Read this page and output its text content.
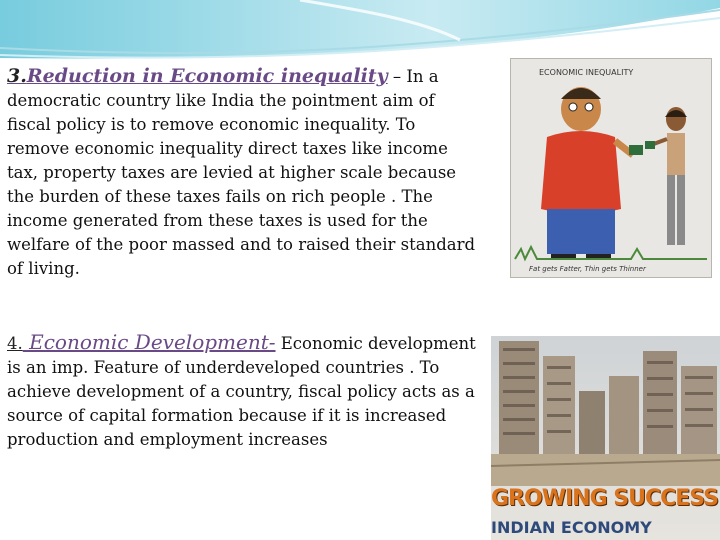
3.Reduction in Economic inequality – In a democratic country like India the pointment aim of fiscal policy is to remove economic inequality. To remove economic inequality direct taxes like income tax, property taxes are levied at higher scale because the burden of these taxes fails on rich people . The income generated from these taxes is used for the welfare of the poor massed and to raised their standard of living.
4. Economic Development- Economic development is an imp. Feature of underdeveloped countries . To achieve development of a country, fiscal policy acts as a source of capital formation because if it is increased production and employment increases
ECONOMIC INEQUALITY
Fat gets Fatter, Thin gets Thinner
GROWING SUCCESS
INDIAN ECONOMY
